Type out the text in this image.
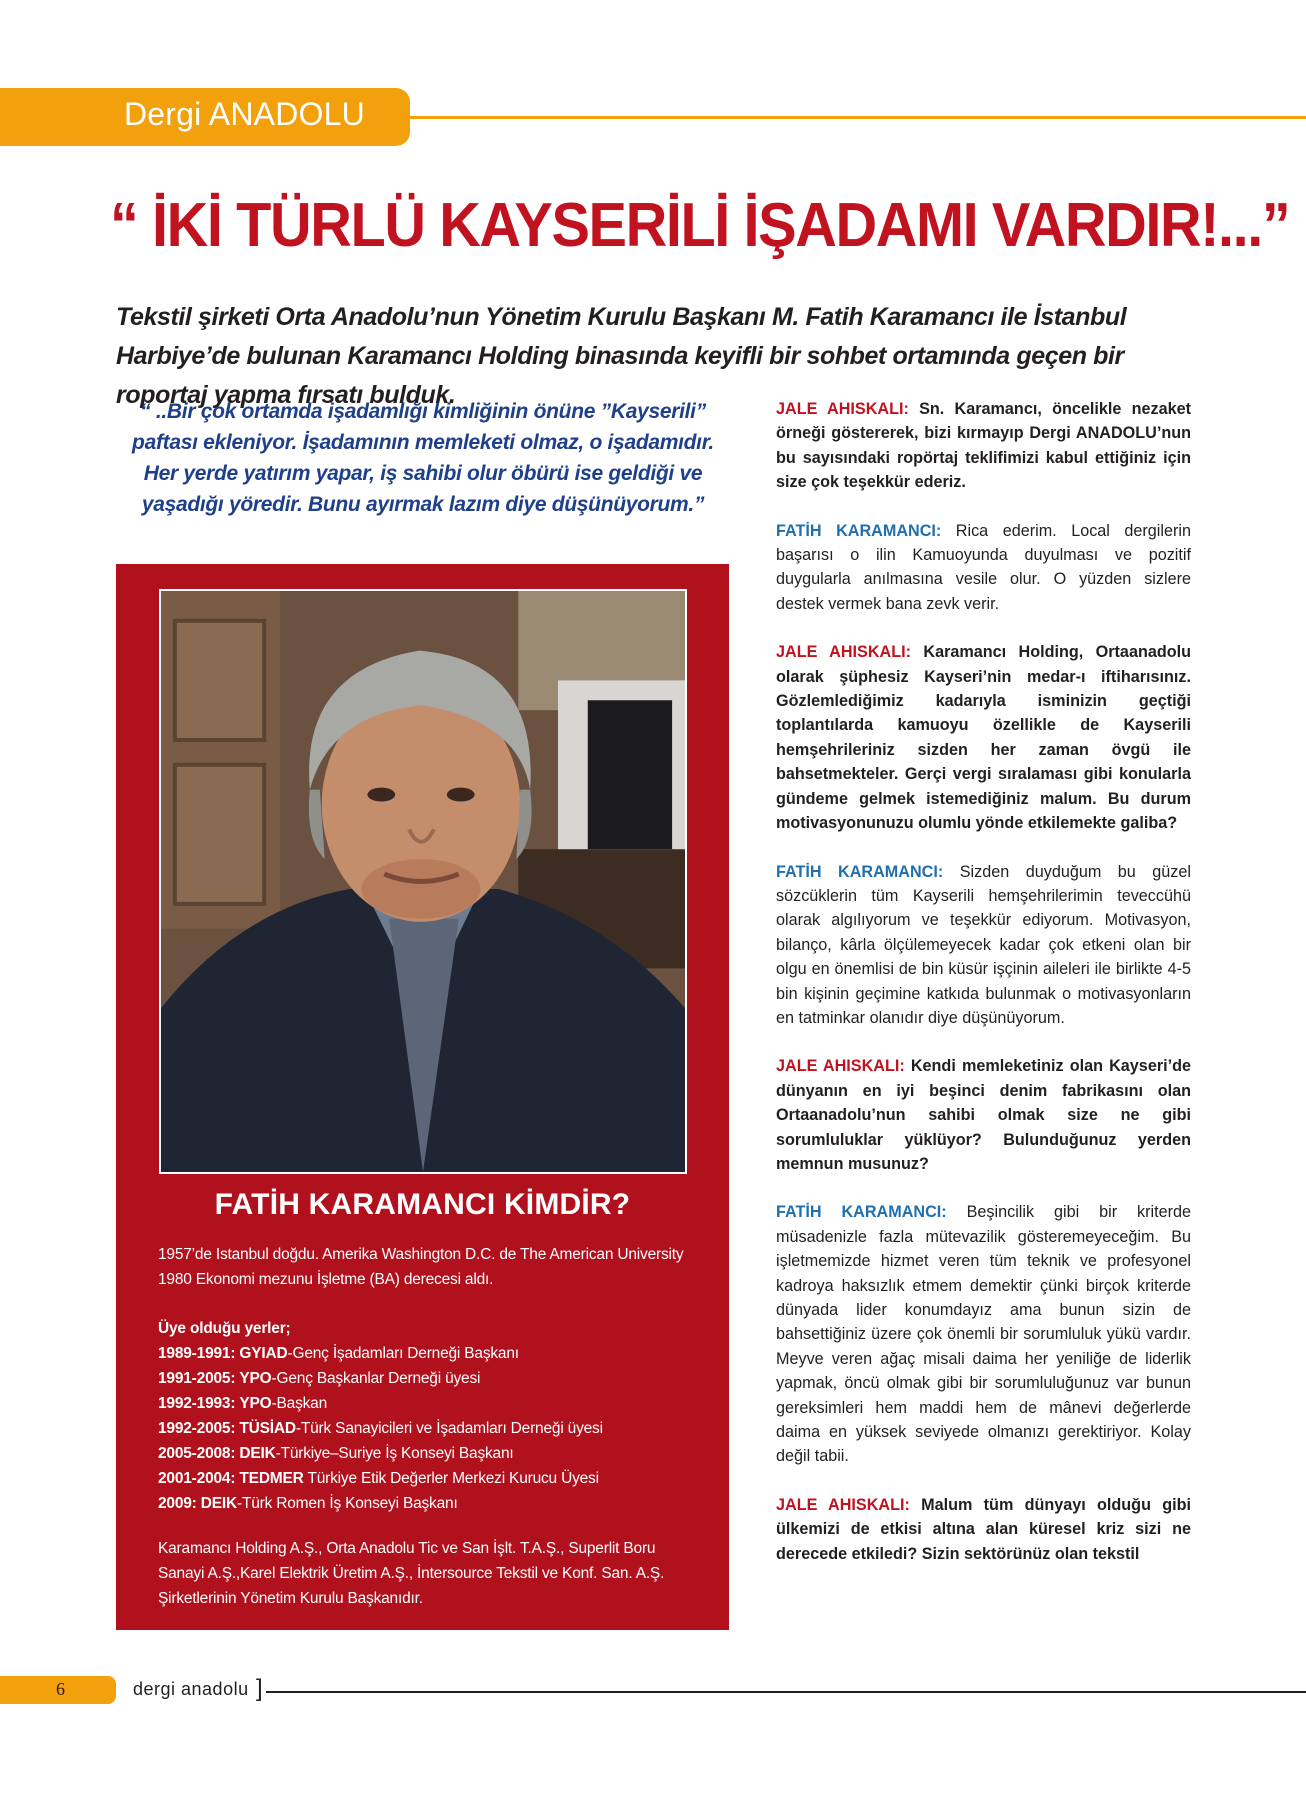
Dergi ANADOLU
“ İKİ TÜRLÜ KAYSERİLİ İŞADAMI VARDIR!...”

Tekstil şirketi Orta Anadolu’nun Yönetim Kurulu Başkanı M. Fatih Karamancı ile İstanbul Harbiye’de bulunan Karamancı Holding binasında keyifli bir sohbet ortamında geçen bir roportaj yapma fırsatı bulduk.

“ ..Bir çok ortamda işadamlığı kimliğinin önüne ”Kayserili” paftası ekleniyor. İşadamının memleketi olmaz, o işadamıdır. Her yerde yatırım yapar, iş sahibi olur öbürü ise geldiği ve yaşadığı yöredir. Bunu ayırmak lazım diye düşünüyorum.”

FATİH KARAMANCI KİMDİR?

1957’de Istanbul doğdu. Amerika Washington D.C. de The American University 1980 Ekonomi mezunu İşletme (BA) derecesi aldı.

Üye olduğu yerler;
1989-1991: GYIAD-Genç İşadamları Derneği Başkanı
1991-2005: YPO-Genç Başkanlar Derneği üyesi
1992-1993: YPO-Başkan
1992-2005: TÜSİAD-Türk Sanayicileri ve İşadamları Derneği üyesi
2005-2008: DEIK-Türkiye–Suriye İş Konseyi Başkanı
2001-2004: TEDMER Türkiye Etik Değerler Merkezi Kurucu Üyesi
2009: DEIK-Türk Romen İş Konseyi Başkanı

Karamancı Holding A.Ş., Orta Anadolu Tic ve San İşlt. T.A.Ş., Superlit Boru Sanayi A.Ş.,Karel Elektrik Üretim A.Ş., İntersource Tekstil ve Konf. San. A.Ş. Şirketlerinin Yönetim Kurulu Başkanıdır.

JALE AHISKALI: Sn. Karamancı, öncelikle nezaket örneği göstererek, bizi kırmayıp Dergi ANADOLU’nun bu sayısındaki ropörtaj teklifimizi kabul ettiğiniz için size çok teşekkür ederiz.

FATİH KARAMANCI: Rica ederim. Local dergilerin başarısı o ilin Kamuoyunda duyulması ve pozitif duygularla anılmasına vesile olur. O yüzden sizlere destek vermek bana zevk verir.

JALE AHISKALI: Karamancı Holding, Ortaanadolu olarak şüphesiz Kayseri’nin medar-ı iftiharısınız. Gözlemlediğimiz kadarıyla isminizin geçtiği toplantılarda kamuoyu özellikle de Kayserili hemşehrileriniz sizden her zaman övgü ile bahsetmekteler. Gerçi vergi sıralaması gibi konularla gündeme gelmek istemediğiniz malum. Bu durum motivasyonunuzu olumlu yönde etkilemekte galiba?

FATİH KARAMANCI: Sizden duyduğum bu güzel sözcüklerin tüm Kayserili hemşehrilerimin teveccühü olarak algılıyorum ve teşekkür ediyorum. Motivasyon, bilanço, kârla ölçülemeyecek kadar çok etkeni olan bir olgu en önemlisi de bin küsür işçinin aileleri ile birlikte 4-5 bin kişinin geçimine katkıda bulunmak o motivasyonların en tatminkar olanıdır diye düşünüyorum.

JALE AHISKALI: Kendi memleketiniz olan Kayseri’de dünyanın en iyi beşinci denim fabrikasını olan Ortaanadolu’nun sahibi olmak size ne gibi sorumluluklar yüklüyor? Bulunduğunuz yerden memnun musunuz?

FATİH KARAMANCI: Beşincilik gibi bir kriterde müsadenizle fazla mütevazilik gösteremeyeceğim. Bu işletmemizde hizmet veren tüm teknik ve profesyonel kadroya haksızlık etmem demektir çünki birçok kriterde dünyada lider konumdayız ama bunun sizin de bahsettiğiniz üzere çok önemli bir sorumluluk yükü vardır. Meyve veren ağaç misali daima her yeniliğe de liderlik yapmak, öncü olmak gibi bir sorumluluğunuz var bunun gereksimleri hem maddi hem de mânevi değerlerde daima en yüksek seviyede olmanızı gerektiriyor. Kolay değil tabii.

JALE AHISKALI: Malum tüm dünyayı olduğu gibi ülkemizi de etkisi altına alan küresel kriz sizi ne derecede etkiledi? Sizin sektörünüz olan tekstil

6	dergi anadolu ]
